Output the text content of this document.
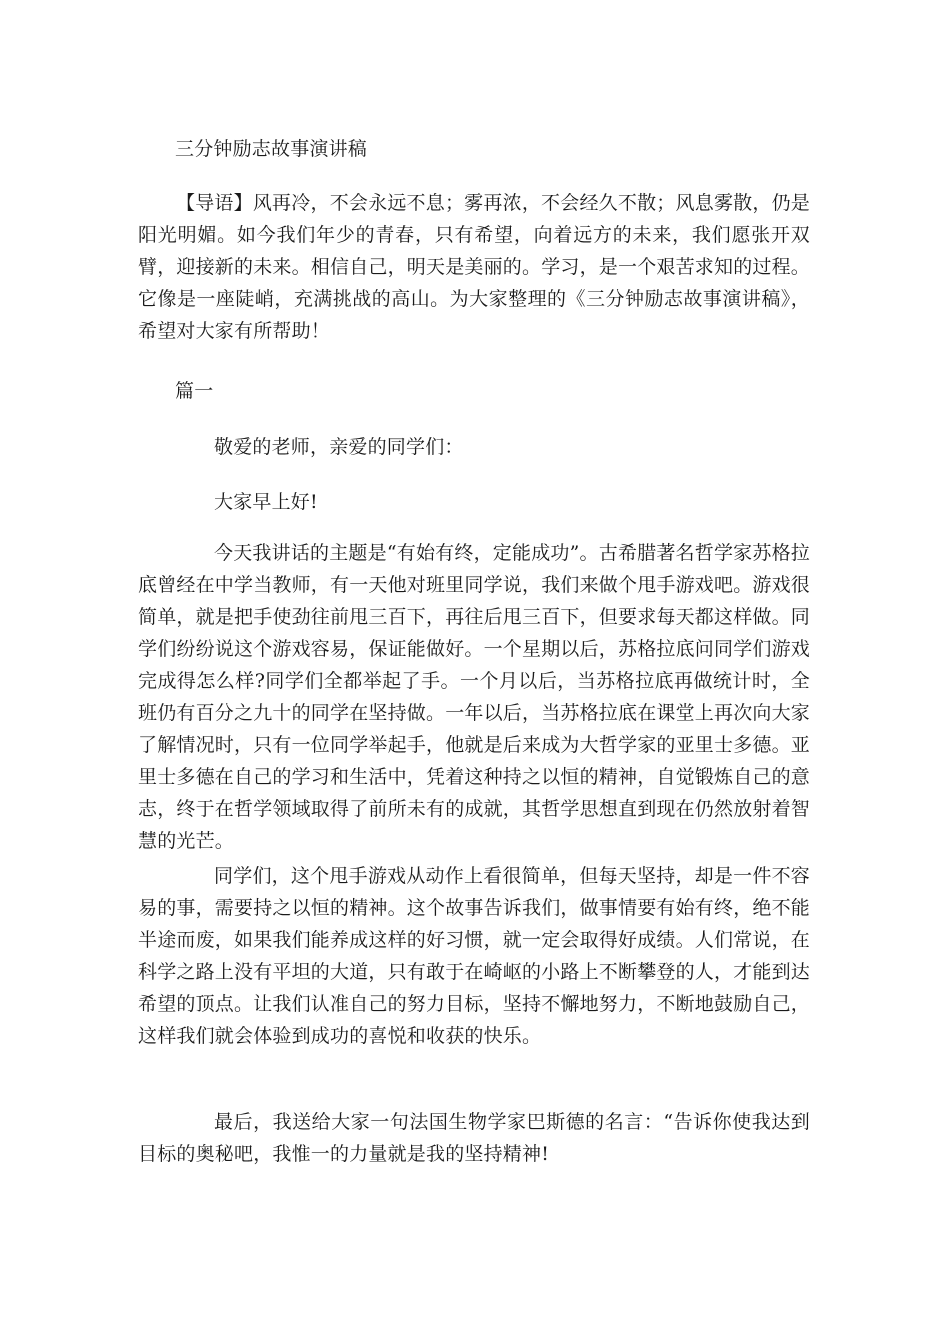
三分钟励志故事演讲稿
【导语】风再冷，不会永远不息；雾再浓，不会经久不散；风息雾散，仍是阳光明媚。如今我们年少的青春，只有希望，向着远方的未来，我们愿张开双臂，迎接新的未来。相信自己，明天是美丽的。学习，是一个艰苦求知的过程。它像是一座陡峭，充满挑战的高山。为大家整理的《三分钟励志故事演讲稿》，希望对大家有所帮助！
篇一
敬爱的老师，亲爱的同学们：
大家早上好!
今天我讲话的主题是“有始有终，定能成功”。古希腊著名哲学家苏格拉底曾经在中学当教师，有一天他对班里同学说，我们来做个甩手游戏吧。游戏很简单，就是把手使劲往前甩三百下，再往后甩三百下，但要求每天都这样做。同学们纷纷说这个游戏容易，保证能做好。一个星期以后，苏格拉底问同学们游戏完成得怎么样?同学们全都举起了手。一个月以后，当苏格拉底再做统计时，全班仍有百分之九十的同学在坚持做。一年以后，当苏格拉底在课堂上再次向大家了解情况时，只有一位同学举起手，他就是后来成为大哲学家的亚里士多德。亚里士多德在自己的学习和生活中，凭着这种持之以恒的精神，自觉锻炼自己的意志，终于在哲学领域取得了前所未有的成就，其哲学思想直到现在仍然放射着智慧的光芒。
同学们，这个甩手游戏从动作上看很简单，但每天坚持，却是一件不容易的事，需要持之以恒的精神。这个故事告诉我们，做事情要有始有终，绝不能半途而废，如果我们能养成这样的好习惯，就一定会取得好成绩。人们常说，在科学之路上没有平坦的大道，只有敢于在崎岖的小路上不断攀登的人，才能到达希望的顶点。让我们认准自己的努力目标，坚持不懈地努力，不断地鼓励自己，这样我们就会体验到成功的喜悦和收获的快乐。
最后，我送给大家一句法国生物学家巴斯德的名言：“告诉你使我达到目标的奥秘吧，我惟一的力量就是我的坚持精神!
